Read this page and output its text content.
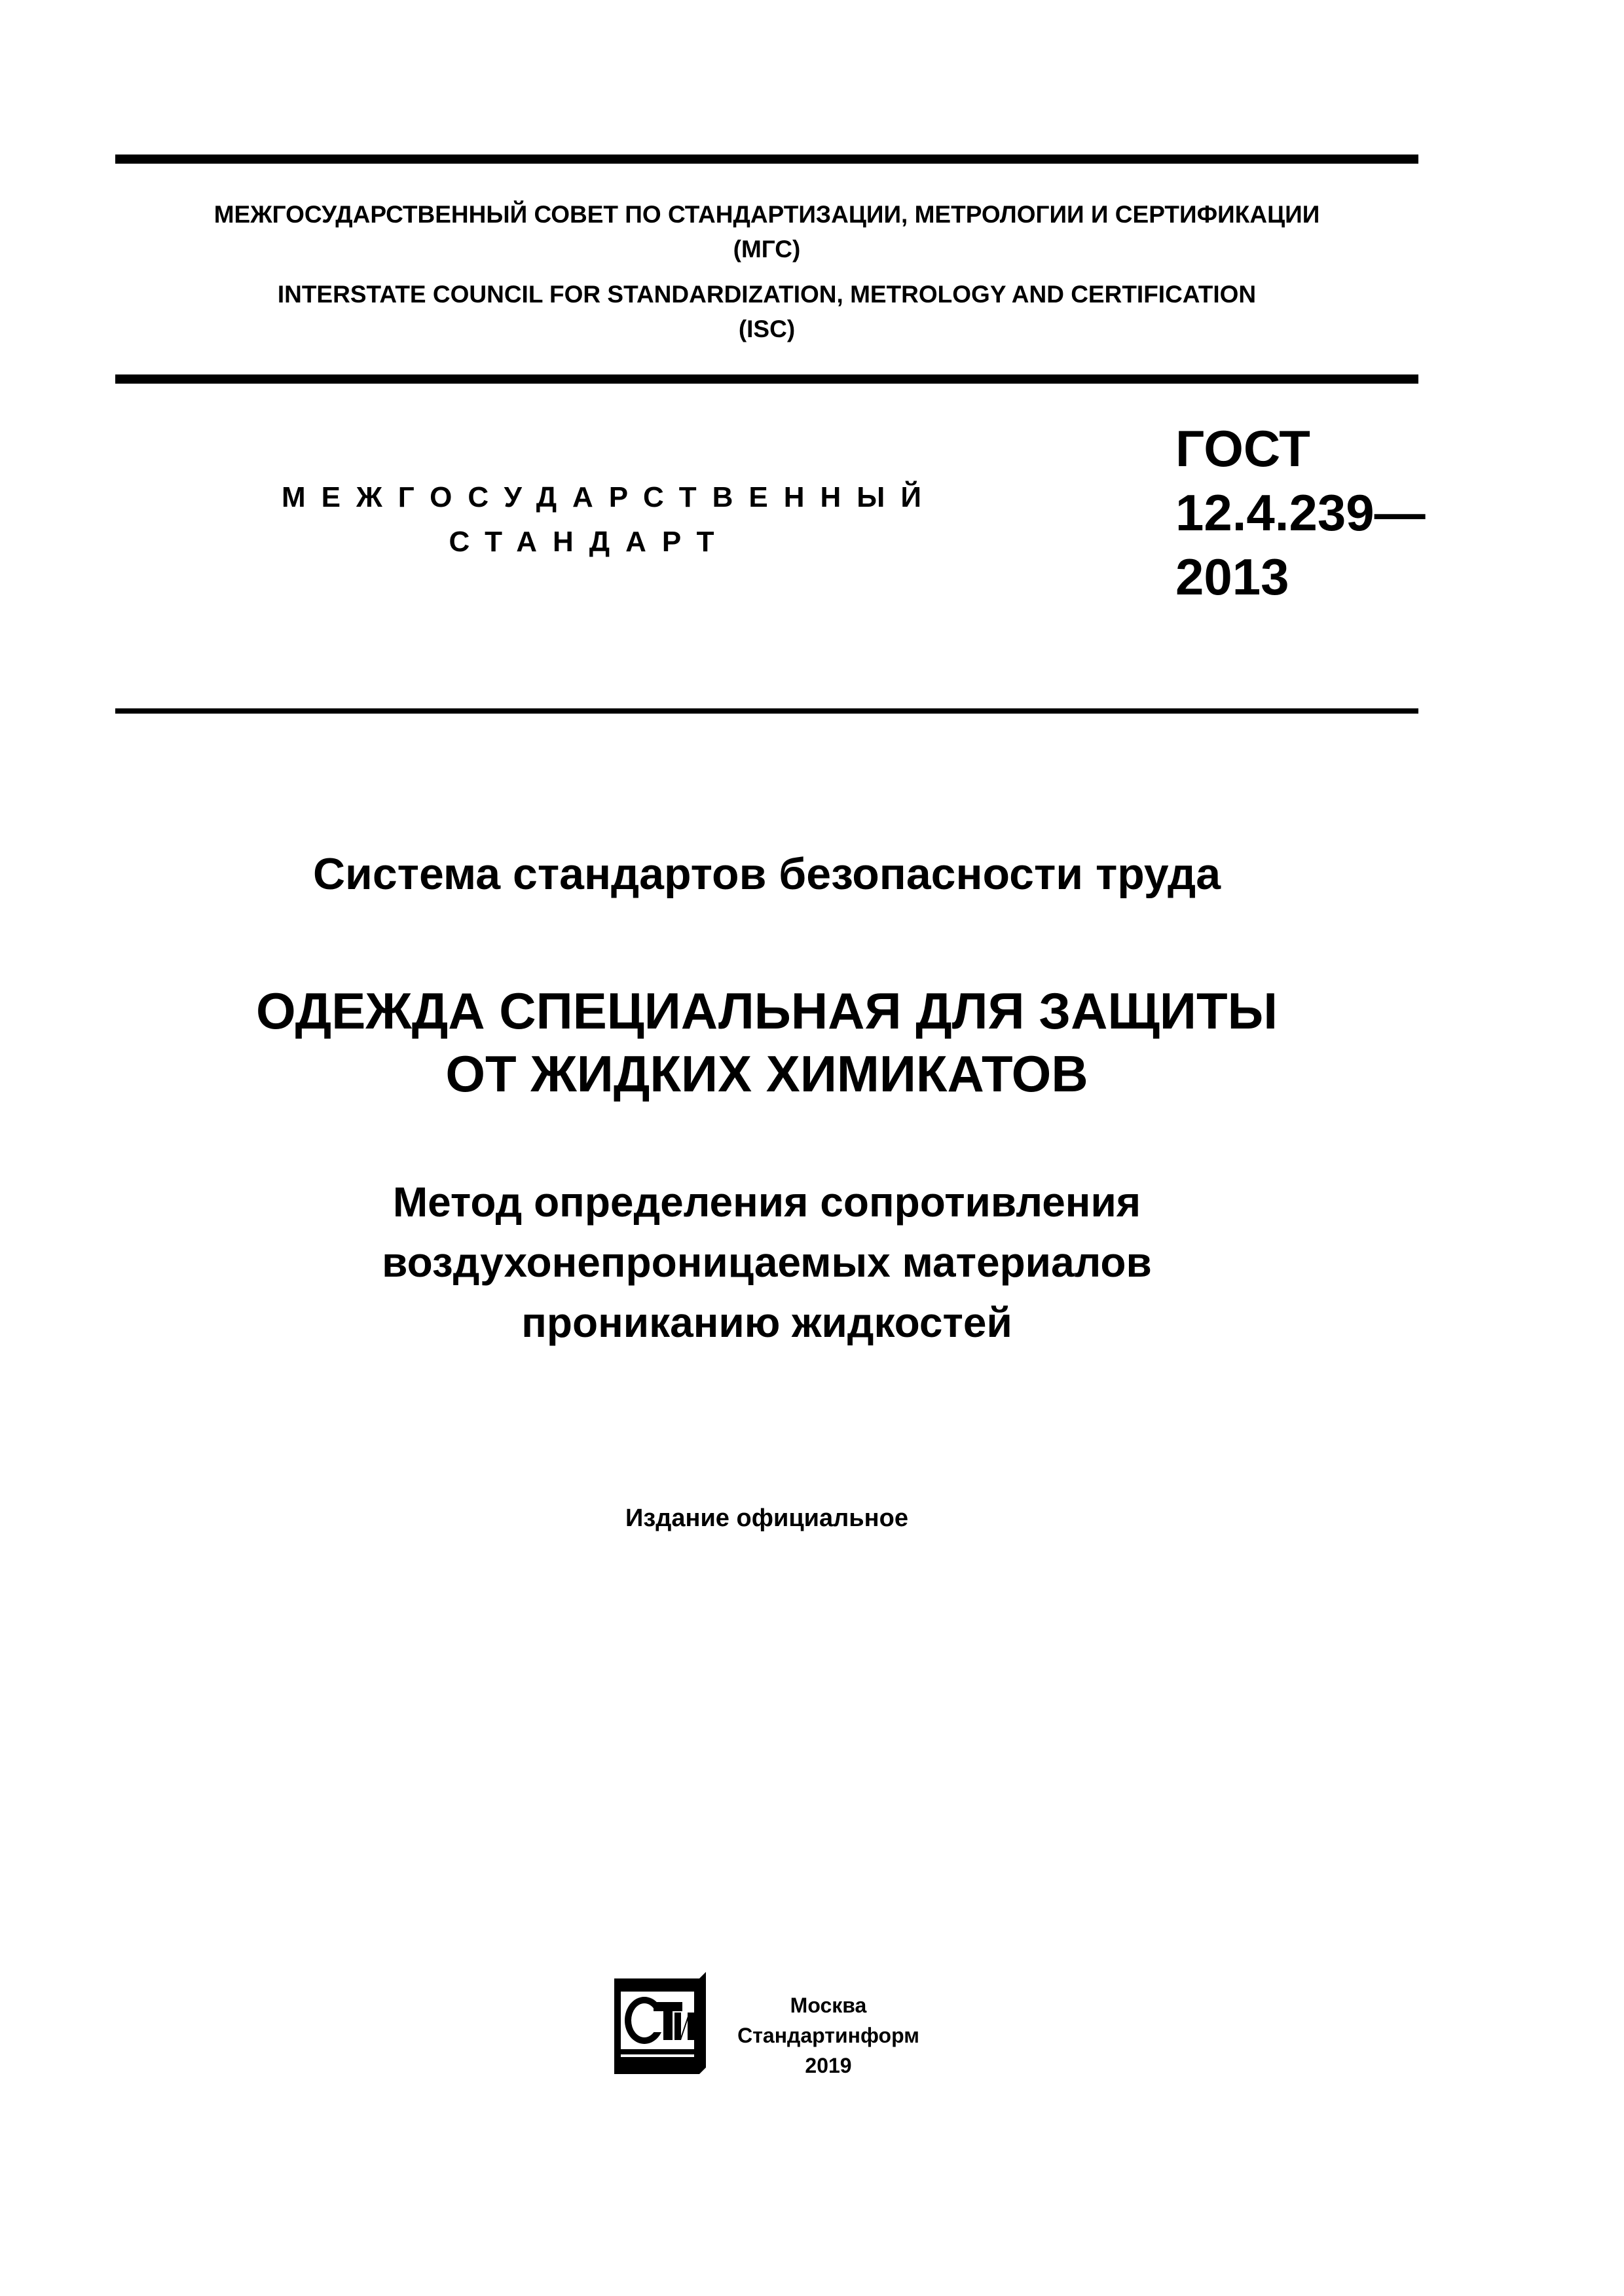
МЕЖГОСУДАРСТВЕННЫЙ СОВЕТ ПО СТАНДАРТИЗАЦИИ, МЕТРОЛОГИИ И СЕРТИФИКАЦИИ
(МГС)
INTERSTATE COUNCIL FOR STANDARDIZATION, METROLOGY AND CERTIFICATION
(ISC)
МЕЖГОСУДАРСТВЕННЫЙ
СТАНДАРТ
ГОСТ
12.4.239—
2013
Система стандартов безопасности труда
ОДЕЖДА СПЕЦИАЛЬНАЯ ДЛЯ ЗАЩИТЫ
ОТ ЖИДКИХ ХИМИКАТОВ
Метод определения сопротивления
воздухонепроницаемых материалов
прониканию жидкостей
Издание официальное
Москва
Стандартинформ
2019
